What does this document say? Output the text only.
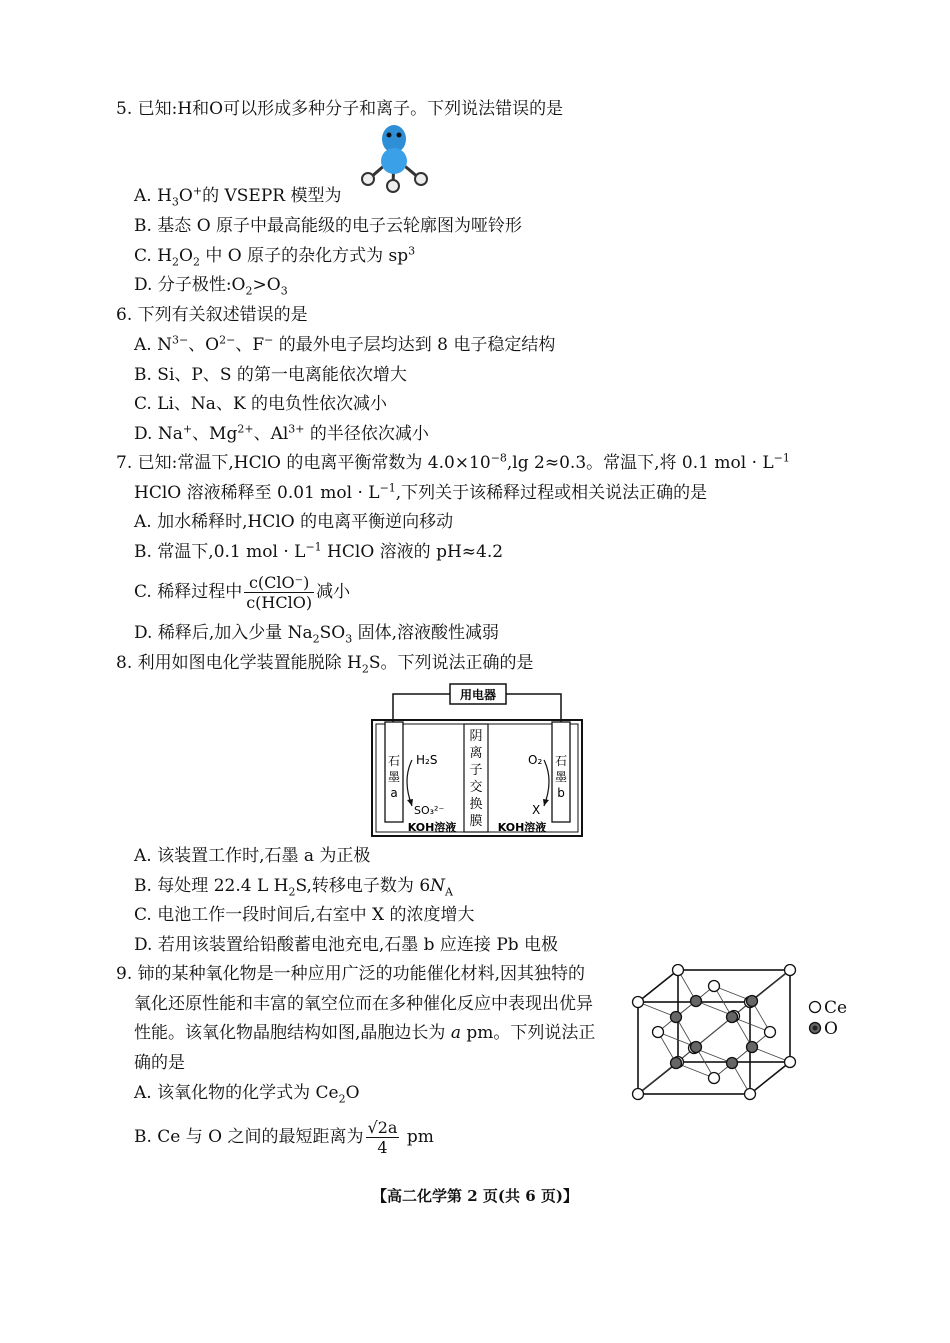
5. 已知:H和O可以形成多种分子和离子。下列说法错误的是
A. $H_3O^+$的 VSEPR 模型为
B. 基态 O 原子中最高能级的电子云轮廓图为哑铃形
C. $H_2O_2$ 中 O 原子的杂化方式为 $sp^3$
D. 分子极性$:O_2>O_3$
6. 下列有关叙述错误的是
A. $N^{3-}$、$O^{2-}$、F− 的最外电子层均达到 8 电子稳定结构
B. Si、P、S 的第一电离能依次增大
C. Li、Na、K 的电负性依次减小
D. Na+、$Mg^{2+}$、$Al^{3+}$ 的半径依次减小
7. 已知:常温下,HClO 的电离平衡常数为 $4.0\times 10^{-8},\lg$ 2≈0.3。常温下,将 0.1 mol · $L^{-1}$
HClO 溶液稀释至 0.01 mol · $L^{-1}$,下列关于该稀释过程或相关说法正确的是
A. 加水稀释时,HClO 的电离平衡逆向移动
B. 常温下,0.1 mol · $L^{-1}$ HClO 溶液的 pH≈4.2
C. 稀释过程中 $\frac{\text{c(ClO⁻)}}{\text{c(HClO)}}$ 减小
D. 稀释后,加入少量 $Na_2SO_3$ 固体,溶液酸性减弱
8. 利用如图电化学装置能脱除 $H_2S$。下列说法正确的是
用电器
阴
离
子
交
换
膜
石
墨
a
石
墨
b
H₂S
SO₃²⁻
O₂
X
KOH溶液	KOH溶液
A. 该装置工作时,石墨 a 为正极
B. 每处理 22.4 L $H_2S$,转移电子数为 $6N_A$
C. 电池工作一段时间后,右室中 X 的浓度增大
D. 若用该装置给铅酸蓄电池充电,石墨 b 应连接 Pb 电极
9. 铈的某种氧化物是一种应用广泛的功能催化材料,因其独特的
氧化还原性能和丰富的氧空位而在多种催化反应中表现出优异
性能。该氧化物晶胞结构如图,晶胞边长为 a pm。下列说法正
确的是
A. 该氧化物的化学式为 $Ce_2O$
B. Ce 与 O 之间的最短距离为 $\frac{√2a}{4}$ pm
Ce
O
【高二化学第 2 页(共 6 页)】
